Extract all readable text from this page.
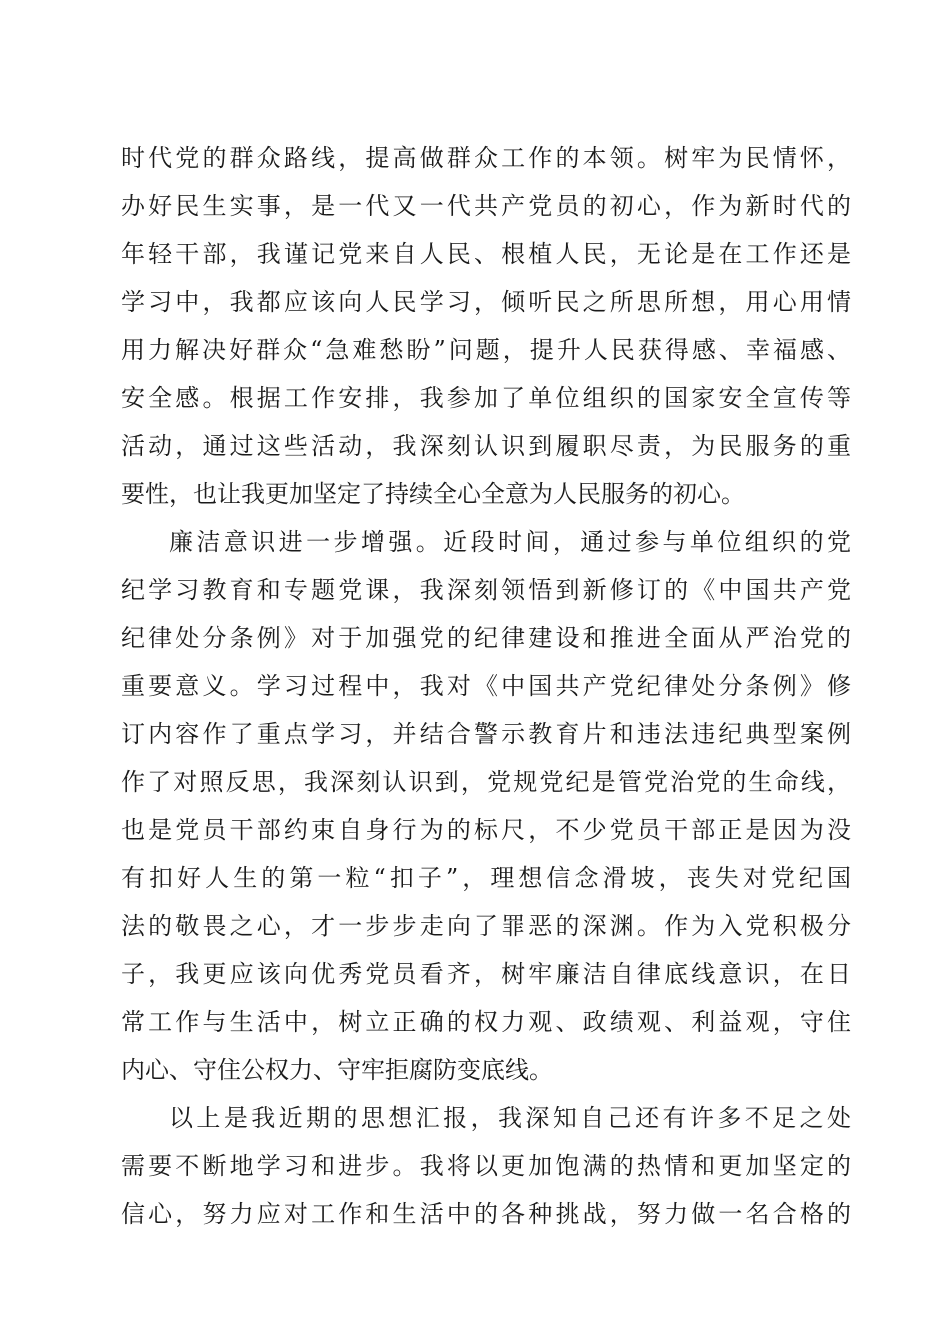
时代党的群众路线，提高做群众工作的本领。树牢为民情怀，
办好民生实事，是一代又一代共产党员的初心，作为新时代的
年轻干部，我谨记党来自人民、根植人民，无论是在工作还是
学习中，我都应该向人民学习，倾听民之所思所想，用心用情
用力解决好群众“急难愁盼”问题，提升人民获得感、幸福感、
安全感。根据工作安排，我参加了单位组织的国家安全宣传等
活动，通过这些活动，我深刻认识到履职尽责，为民服务的重
要性，也让我更加坚定了持续全心全意为人民服务的初心。
廉洁意识进一步增强。近段时间，通过参与单位组织的党
纪学习教育和专题党课，我深刻领悟到新修订的《中国共产党
纪律处分条例》对于加强党的纪律建设和推进全面从严治党的
重要意义。学习过程中，我对《中国共产党纪律处分条例》修
订内容作了重点学习，并结合警示教育片和违法违纪典型案例
作了对照反思，我深刻认识到，党规党纪是管党治党的生命线，
也是党员干部约束自身行为的标尺，不少党员干部正是因为没
有扣好人生的第一粒“扣子”，理想信念滑坡，丧失对党纪国
法的敬畏之心，才一步步走向了罪恶的深渊。作为入党积极分
子，我更应该向优秀党员看齐，树牢廉洁自律底线意识，在日
常工作与生活中，树立正确的权力观、政绩观、利益观，守住
内心、守住公权力、守牢拒腐防变底线。
以上是我近期的思想汇报，我深知自己还有许多不足之处
需要不断地学习和进步。我将以更加饱满的热情和更加坚定的
信心，努力应对工作和生活中的各种挑战，努力做一名合格的
